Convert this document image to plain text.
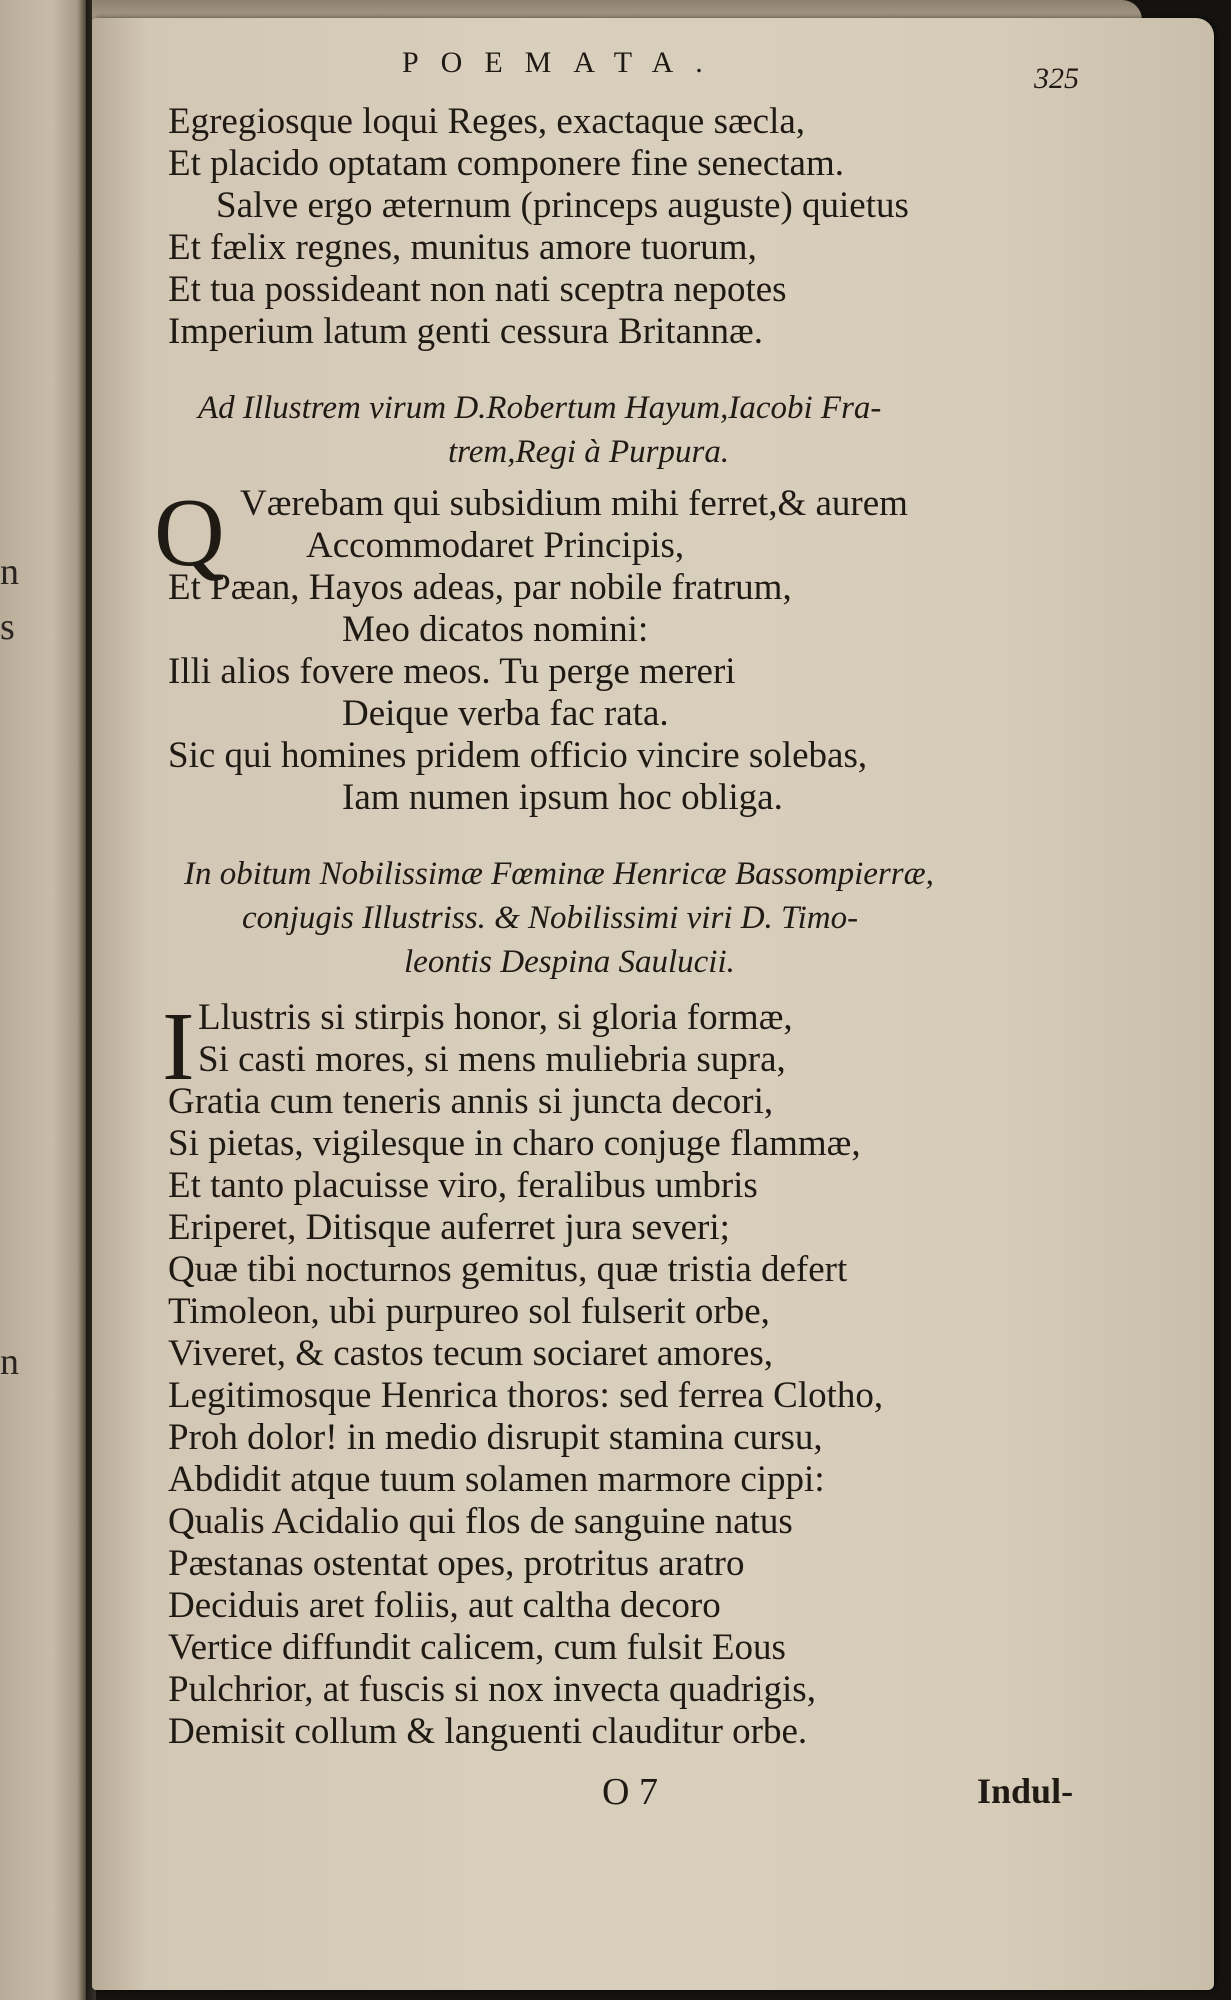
n
s
n
POEMATA.	325
Egregiosque loqui Reges, exactaque sæcla,
Et placido optatam componere fine senectam.
Salve ergo æternum (princeps auguste) quietus
Et fælix regnes, munitus amore tuorum,
Et tua possideant non nati sceptra nepotes
Imperium latum genti cessura Britannæ.
Ad Illustrem virum D.Robertum Hayum,Iacobi Fra-
trem,Regi à Purpura.
Q Værebam qui subsidium mihi ferret,& aurem
Accommodaret Principis,
Et Pæan, Hayos adeas, par nobile fratrum,
Meo dicatos nomini:
Illi alios fovere meos. Tu perge mereri
Deique verba fac rata.
Sic qui homines pridem officio vincire solebas,
Iam numen ipsum hoc obliga.
In obitum Nobilissimæ Fœminæ Henricæ Bassompierræ,
conjugis Illustriss. & Nobilissimi viri D. Timo-
leontis Despina Saulucii.
I Llustris si stirpis honor, si gloria formæ,
Si casti mores, si mens muliebria supra,
Gratia cum teneris annis si juncta decori,
Si pietas, vigilesque in charo conjuge flammæ,
Et tanto placuisse viro, feralibus umbris
Eriperet, Ditisque auferret jura severi;
Quæ tibi nocturnos gemitus, quæ tristia defert
Timoleon, ubi purpureo sol fulserit orbe,
Viveret, & castos tecum sociaret amores,
Legitimosque Henrica thoros: sed ferrea Clotho,
Proh dolor! in medio disrupit stamina cursu,
Abdidit atque tuum solamen marmore cippi:
Qualis Acidalio qui flos de sanguine natus
Pæstanas ostentat opes, protritus aratro
Deciduis aret foliis, aut caltha decoro
Vertice diffundit calicem, cum fulsit Eous
Pulchrior, at fuscis si nox invecta quadrigis,
Demisit collum & languenti clauditur orbe.
O 7	Indul-
